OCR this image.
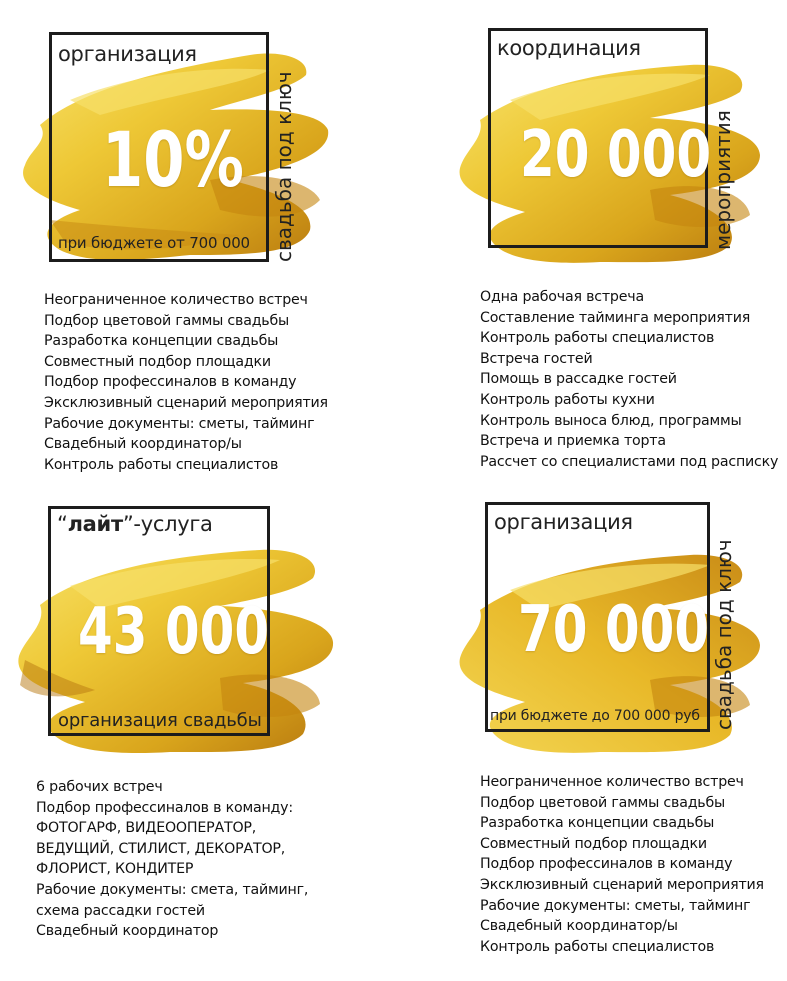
организация
10%
при бюджете от 700 000 свадьба под ключ
Неограниченное количество встреч
Подбор цветовой гаммы свадьбы
Разработка концепции свадьбы
Совместный подбор площадки
Подбор профессиналов в команду
Эксклюзивный сценарий мероприятия
Рабочие документы: сметы, тайминг
Свадебный координатор/ы
Контроль работы специалистов
координация
20 000 мероприятия
Одна рабочая встреча
Составление тайминга мероприятия
Контроль работы специалистов
Встреча гостей
Помощь в рассадке гостей
Контроль работы кухни
Контроль выноса блюд, программы
Встреча и приемка торта
Рассчет со специалистами под расписку
“лайт”-услуга
43 000
организация свадьбы
6 рабочих встреч
Подбор профессиналов в команду:
ФОТОГАРФ, ВИДЕООПЕРАТОР,
ВЕДУЩИЙ, СТИЛИСТ, ДЕКОРАТОР,
ФЛОРИСТ, КОНДИТЕР
Рабочие документы: смета, тайминг,
схема рассадки гостей
Свадебный координатор
организация
70 000
при бюджете до 700 000 руб свадьба под ключ
Неограниченное количество встреч
Подбор цветовой гаммы свадьбы
Разработка концепции свадьбы
Совместный подбор площадки
Подбор профессиналов в команду
Эксклюзивный сценарий мероприятия
Рабочие документы: сметы, тайминг
Свадебный координатор/ы
Контроль работы специалистов
